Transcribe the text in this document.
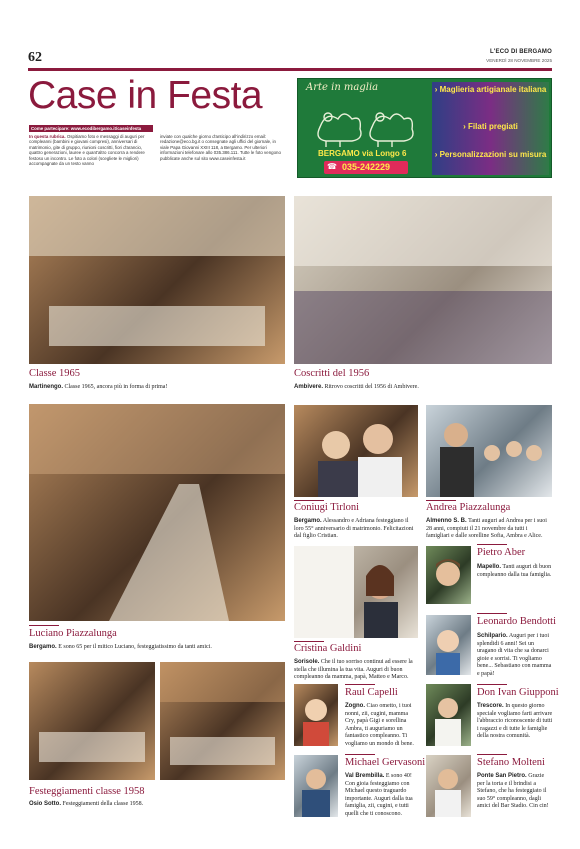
62	L'ECO DI BERGAMO
VENERDÌ 28 NOVEMBRE 2025
Case in Festa
Come partecipare: www.ecodibergamo.it/caseinfesta
In questa rubrica. Ospitiamo foto e messaggi di auguri per compleanni (bambini e giovani compresi), anniversari di matrimonio, gite di gruppo, riunioni coscritti, fiori d'arancio, quattro generazioni, lauree e quant'altro concorra a rendere festoso un incontro. Le foto a colori (scegliete le migliori) accompagnate da un testo vanno
inviate con qualche giorno d'anticipo all'indirizzo email: redazione@eco.bg.it o consegnate agli uffici del giornale, in viale Papa Giovanni XXIII 118, a Bergamo. Per ulteriori informazioni telefonare allo 035.386.111. Tutte le foto vengono pubblicate anche sul sito www.caseinfesta.it
Arte in maglia
BERGAMO via Longo 6
☎ 035-242229
› Maglieria artigianale italiana
› Filati pregiati
› Personalizzazioni su misura
Classe 1965
Martinengo. Classe 1965, ancora più in forma di prima!
Coscritti del 1956
Ambivere. Ritrovo coscritti del 1956 di Ambivere.
Luciano Piazzalunga
Bergamo. E sono 65 per il mitico Luciano, festeggiatissimo da tanti amici.
Coniugi Tirloni
Bergamo. Alessandro e Adriana festeggiano il loro 55° anniversario di matrimonio. Felicitazioni dal figlio Cristian.
Andrea Piazzalunga
Almenno S. B. Tanti auguri ad Andrea per i suoi 28 anni, compiuti il 21 novembre da tutti i famigliari e dalle sorelline Sofia, Ambra e Alice.
Cristina Galdini
Sorisole. Che il tuo sorriso continui ad essere la stella che illumina la tua vita. Auguri di buon compleanno da mamma, papà, Matteo e Marco.
Pietro Aber
Mapello. Tanti auguri di buon compleanno dalla tua famiglia.
Leonardo Bendotti
Schilpario. Auguri per i tuoi splendidi 6 anni! Sei un uragano di vita che sa donarci gioie e sorrisi. Ti vogliamo bene... Sebastiano con mamma e papà!
Raul Capelli
Zogno. Ciao ometto, i tuoi nonni, zii, cugini, mamma Cry, papà Gigi e sorellina Ambra, ti auguriamo un fantastico compleanno. Ti vogliamo un mondo di bene.
Don Ivan Giupponi
Trescore. In questo giorno speciale vogliamo farti arrivare l'abbraccio riconoscente di tutti i ragazzi e di tutte le famiglie della nostra comunità.
Festeggiamenti classe 1958
Osio Sotto. Festeggiamenti della classe 1958.
Michael Gervasoni
Val Brembilla. E sono 40! Con gioia festeggiamo con Michael questo traguardo importante. Auguri dalla tua famiglia, zii, cugini, e tutti quelli che ti conoscono.
Stefano Molteni
Ponte San Pietro. Grazie per la torta e il brindisi a Stefano, che ha festeggiato il suo 59° compleanno, dagli amici del Bar Stadio. Cin cin!
